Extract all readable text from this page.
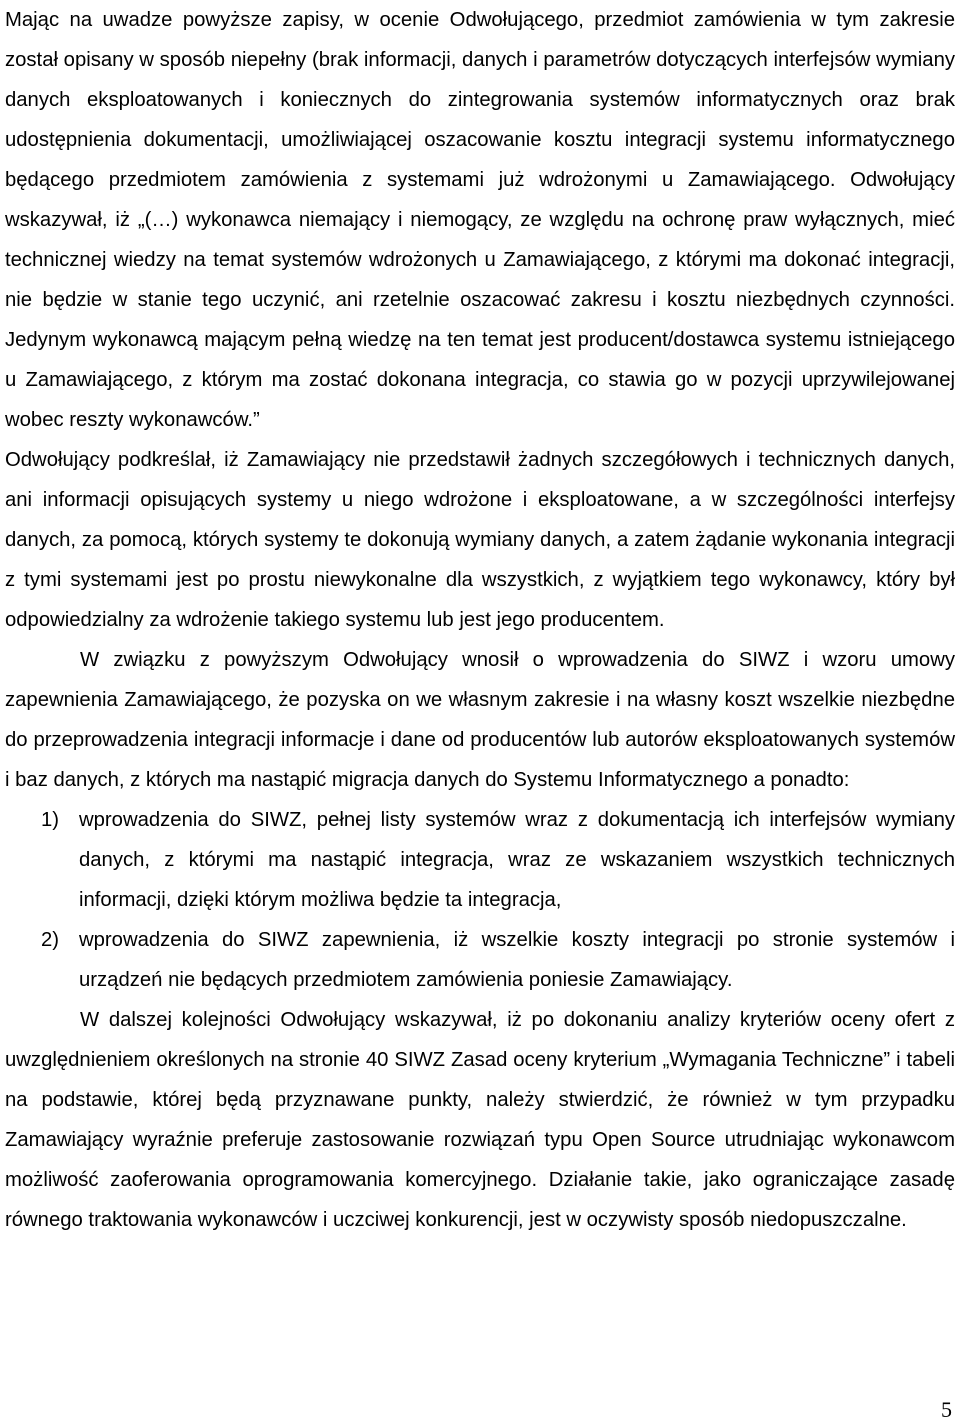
Mając na uwadze powyższe zapisy, w ocenie Odwołującego, przedmiot zamówienia w tym zakresie został opisany w sposób niepełny (brak informacji, danych i parametrów dotyczących interfejsów wymiany danych eksploatowanych i koniecznych do zintegrowania systemów informatycznych oraz brak udostępnienia dokumentacji, umożliwiającej oszacowanie kosztu integracji systemu informatycznego będącego przedmiotem zamówienia z systemami już wdrożonymi u Zamawiającego. Odwołujący wskazywał, iż „(…) wykonawca niemający i niemogący, ze względu na ochronę praw wyłącznych, mieć technicznej wiedzy na temat systemów wdrożonych u Zamawiającego, z którymi ma dokonać integracji, nie będzie w stanie tego uczynić, ani rzetelnie oszacować zakresu i kosztu niezbędnych czynności. Jedynym wykonawcą mającym pełną wiedzę na ten temat jest producent/dostawca systemu istniejącego u Zamawiającego, z którym ma zostać dokonana integracja, co stawia go w pozycji uprzywilejowanej wobec reszty wykonawców.”

Odwołujący podkreślał, iż Zamawiający nie przedstawił żadnych szczegółowych i technicznych danych, ani informacji opisujących systemy u niego wdrożone i eksploatowane, a w szczególności interfejsy danych, za pomocą, których systemy te dokonują wymiany danych, a zatem żądanie wykonania integracji z tymi systemami jest po prostu niewykonalne dla wszystkich, z wyjątkiem tego wykonawcy, który był odpowiedzialny za wdrożenie takiego systemu lub jest jego producentem.

W związku z powyższym Odwołujący wnosił o wprowadzenia do SIWZ i wzoru umowy zapewnienia Zamawiającego, że pozyska on we własnym zakresie i na własny koszt wszelkie niezbędne do przeprowadzenia integracji informacje i dane od producentów lub autorów eksploatowanych systemów i baz danych, z których ma nastąpić migracja danych do Systemu Informatycznego a ponadto:

1) wprowadzenia do SIWZ, pełnej listy systemów wraz z dokumentacją ich interfejsów wymiany danych, z którymi ma nastąpić integracja, wraz ze wskazaniem wszystkich technicznych informacji, dzięki którym możliwa będzie ta integracja,
2) wprowadzenia do SIWZ zapewnienia, iż wszelkie koszty integracji po stronie systemów i urządzeń nie będących przedmiotem zamówienia poniesie Zamawiający.

W dalszej kolejności Odwołujący wskazywał, iż po dokonaniu analizy kryteriów oceny ofert z uwzględnieniem określonych na stronie 40 SIWZ Zasad oceny kryterium „Wymagania Techniczne” i tabeli na podstawie, której będą przyznawane punkty, należy stwierdzić, że również w tym przypadku Zamawiający wyraźnie preferuje zastosowanie rozwiązań typu Open Source utrudniając wykonawcom możliwość zaoferowania oprogramowania komercyjnego. Działanie takie, jako ograniczające zasadę równego traktowania wykonawców i uczciwej konkurencji, jest w oczywisty sposób niedopuszczalne.

5
